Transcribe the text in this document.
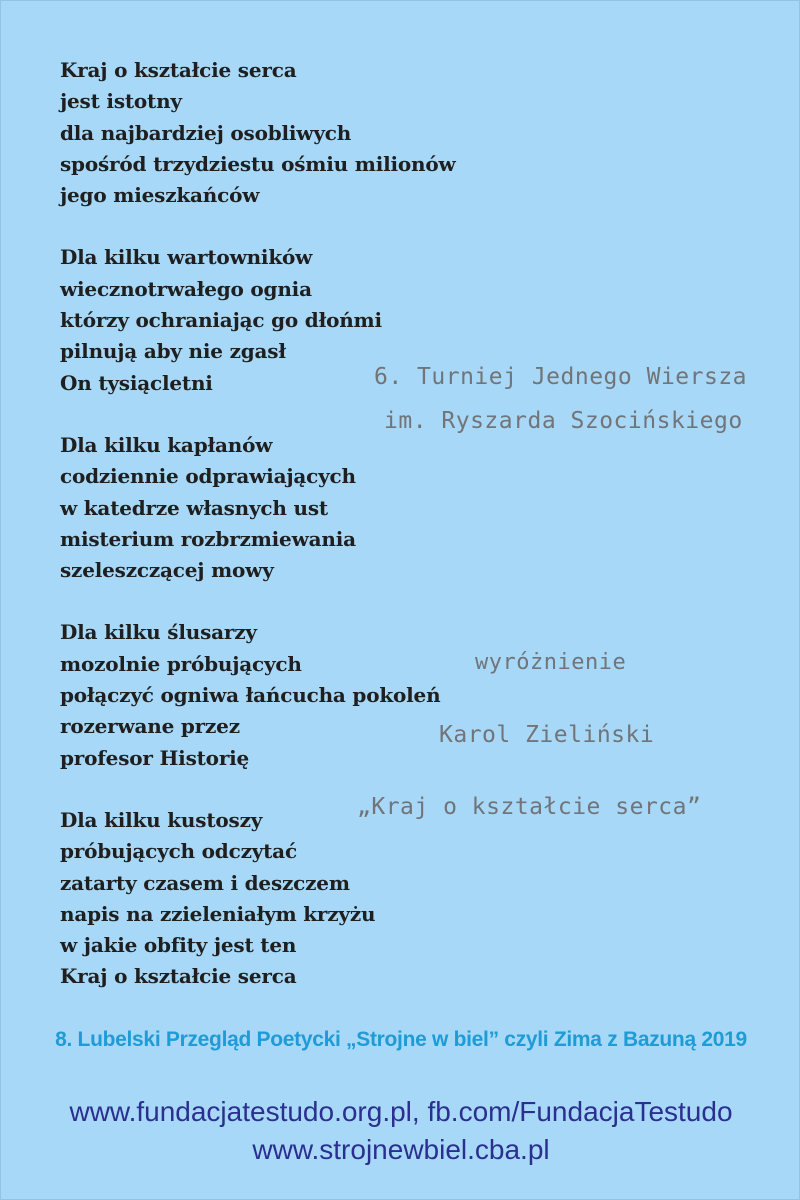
Kraj o kształcie serca
jest istotny
dla najbardziej osobliwych
spośród trzydziestu ośmiu milionów
jego mieszkańców
Dla kilku wartowników
wiecznotrwałego ognia
którzy ochraniając go dłońmi
pilnują aby nie zgasł
On tysiącletni
Dla kilku kapłanów
codziennie odprawiających
w katedrze własnych ust
misterium rozbrzmiewania
szeleszczącej mowy
Dla kilku ślusarzy
mozolnie próbujących
połączyć ogniwa łańcucha pokoleń
rozerwane przez
profesor Historię
Dla kilku kustoszy
próbujących odczytać
zatarty czasem i deszczem
napis na zzieleniałym krzyżu
w jakie obfity jest ten
Kraj o kształcie serca
6. Turniej Jednego Wiersza
im. Ryszarda Szocińskiego
wyróżnienie
Karol Zieliński
„Kraj o kształcie serca”
8. Lubelski Przegląd Poetycki „Strojne w biel” czyli Zima z Bazuną 2019
www.fundacjatestudo.org.pl, fb.com/FundacjaTestudo
www.strojnewbiel.cba.pl
